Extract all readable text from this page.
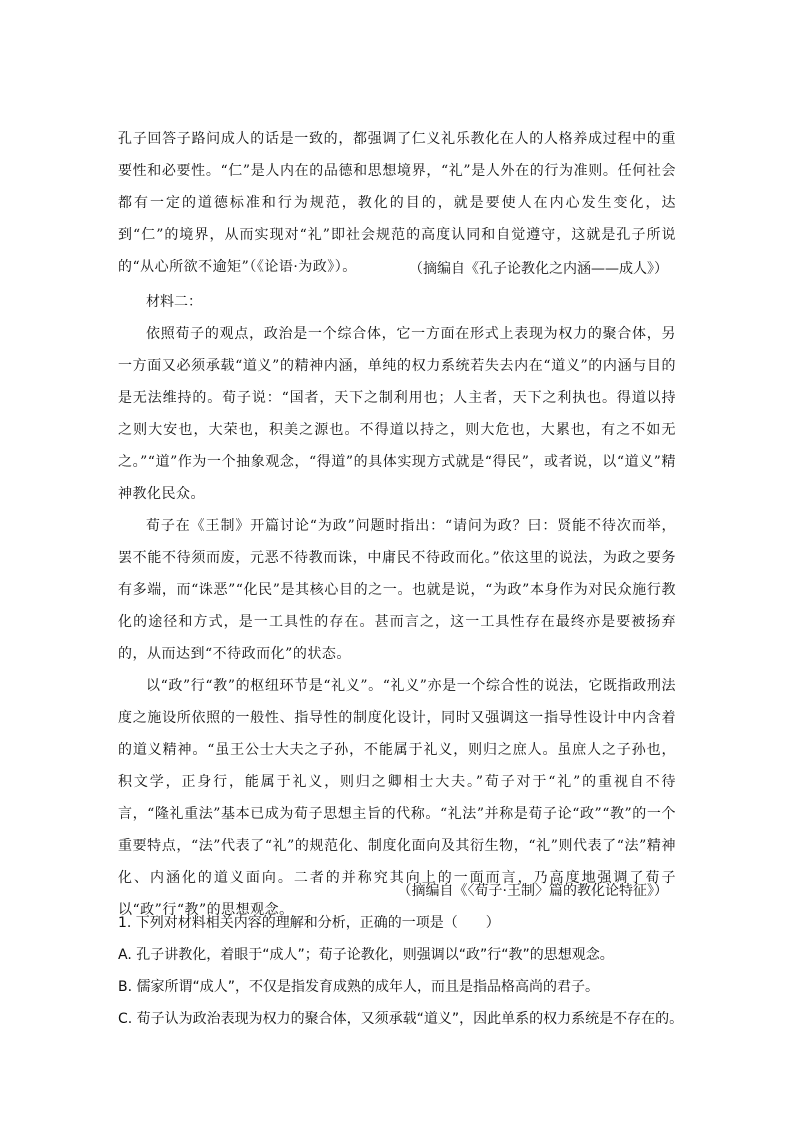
孔子回答子路问成人的话是一致的，都强调了仁义礼乐教化在人的人格养成过程中的重要性和必要性。“仁”是人内在的品德和思想境界，“礼”是人外在的行为准则。任何社会都有一定的道德标准和行为规范，教化的目的，就是要使人在内心发生变化，达到“仁”的境界，从而实现对“礼”即社会规范的高度认同和自觉遵守，这就是孔子所说的“从心所欲不逾矩”（《论语·为政》）。	（摘编自《孔子论教化之内涵——成人》）
材料二：

依照荀子的观点，政治是一个综合体，它一方面在形式上表现为权力的聚合体，另一方面又必须承载“道义”的精神内涵，单纯的权力系统若失去内在“道义”的内涵与目的是无法维持的。荀子说：“国者，天下之制利用也；人主者，天下之利执也。得道以持之则大安也，大荣也，积美之源也。不得道以持之，则大危也，大累也，有之不如无之。”“道”作为一个抽象观念，“得道”的具体实现方式就是“得民”，或者说，以“道义”精神教化民众。

荀子在《王制》开篇讨论“为政”问题时指出：“请问为政？曰：贤能不待次而举，罢不能不待须而废，元恶不待教而诛，中庸民不待政而化。”依这里的说法，为政之要务有多端，而“诛恶”“化民”是其核心目的之一。也就是说，“为政”本身作为对民众施行教化的途径和方式，是一工具性的存在。甚而言之，这一工具性存在最终亦是要被扬弃的，从而达到“不待政而化”的状态。

以“政”行“教”的枢纽环节是“礼义”。“礼义”亦是一个综合性的说法，它既指政刑法度之施设所依照的一般性、指导性的制度化设计，同时又强调这一指导性设计中内含着的道义精神。“虽王公士大夫之子孙，不能属于礼义，则归之庶人。虽庶人之子孙也，积文学，正身行，能属于礼义，则归之卿相士大夫。”荀子对于“礼”的重视自不待言，“隆礼重法”基本已成为荀子思想主旨的代称。“礼法”并称是荀子论“政”“教”的一个重要特点，“法”代表了“礼”的规范化、制度化面向及其衍生物，“礼”则代表了“法”精神化、内涵化的道义面向。二者的并称究其向上的一面而言，乃高度地强调了荀子以“政”行“教”的思想观念。

（摘编自《〈荀子·王制〉篇的教化论特征》）
1. 下列对材料相关内容的理解和分析，正确的一项是（　　）
A. 孔子讲教化，着眼于“成人”；荀子论教化，则强调以“政”行“教”的思想观念。
B. 儒家所谓“成人”，不仅是指发育成熟的成年人，而且是指品格高尚的君子。
C. 荀子认为政治表现为权力的聚合体，又须承载“道义”，因此单系的权力系统是不存在的。
